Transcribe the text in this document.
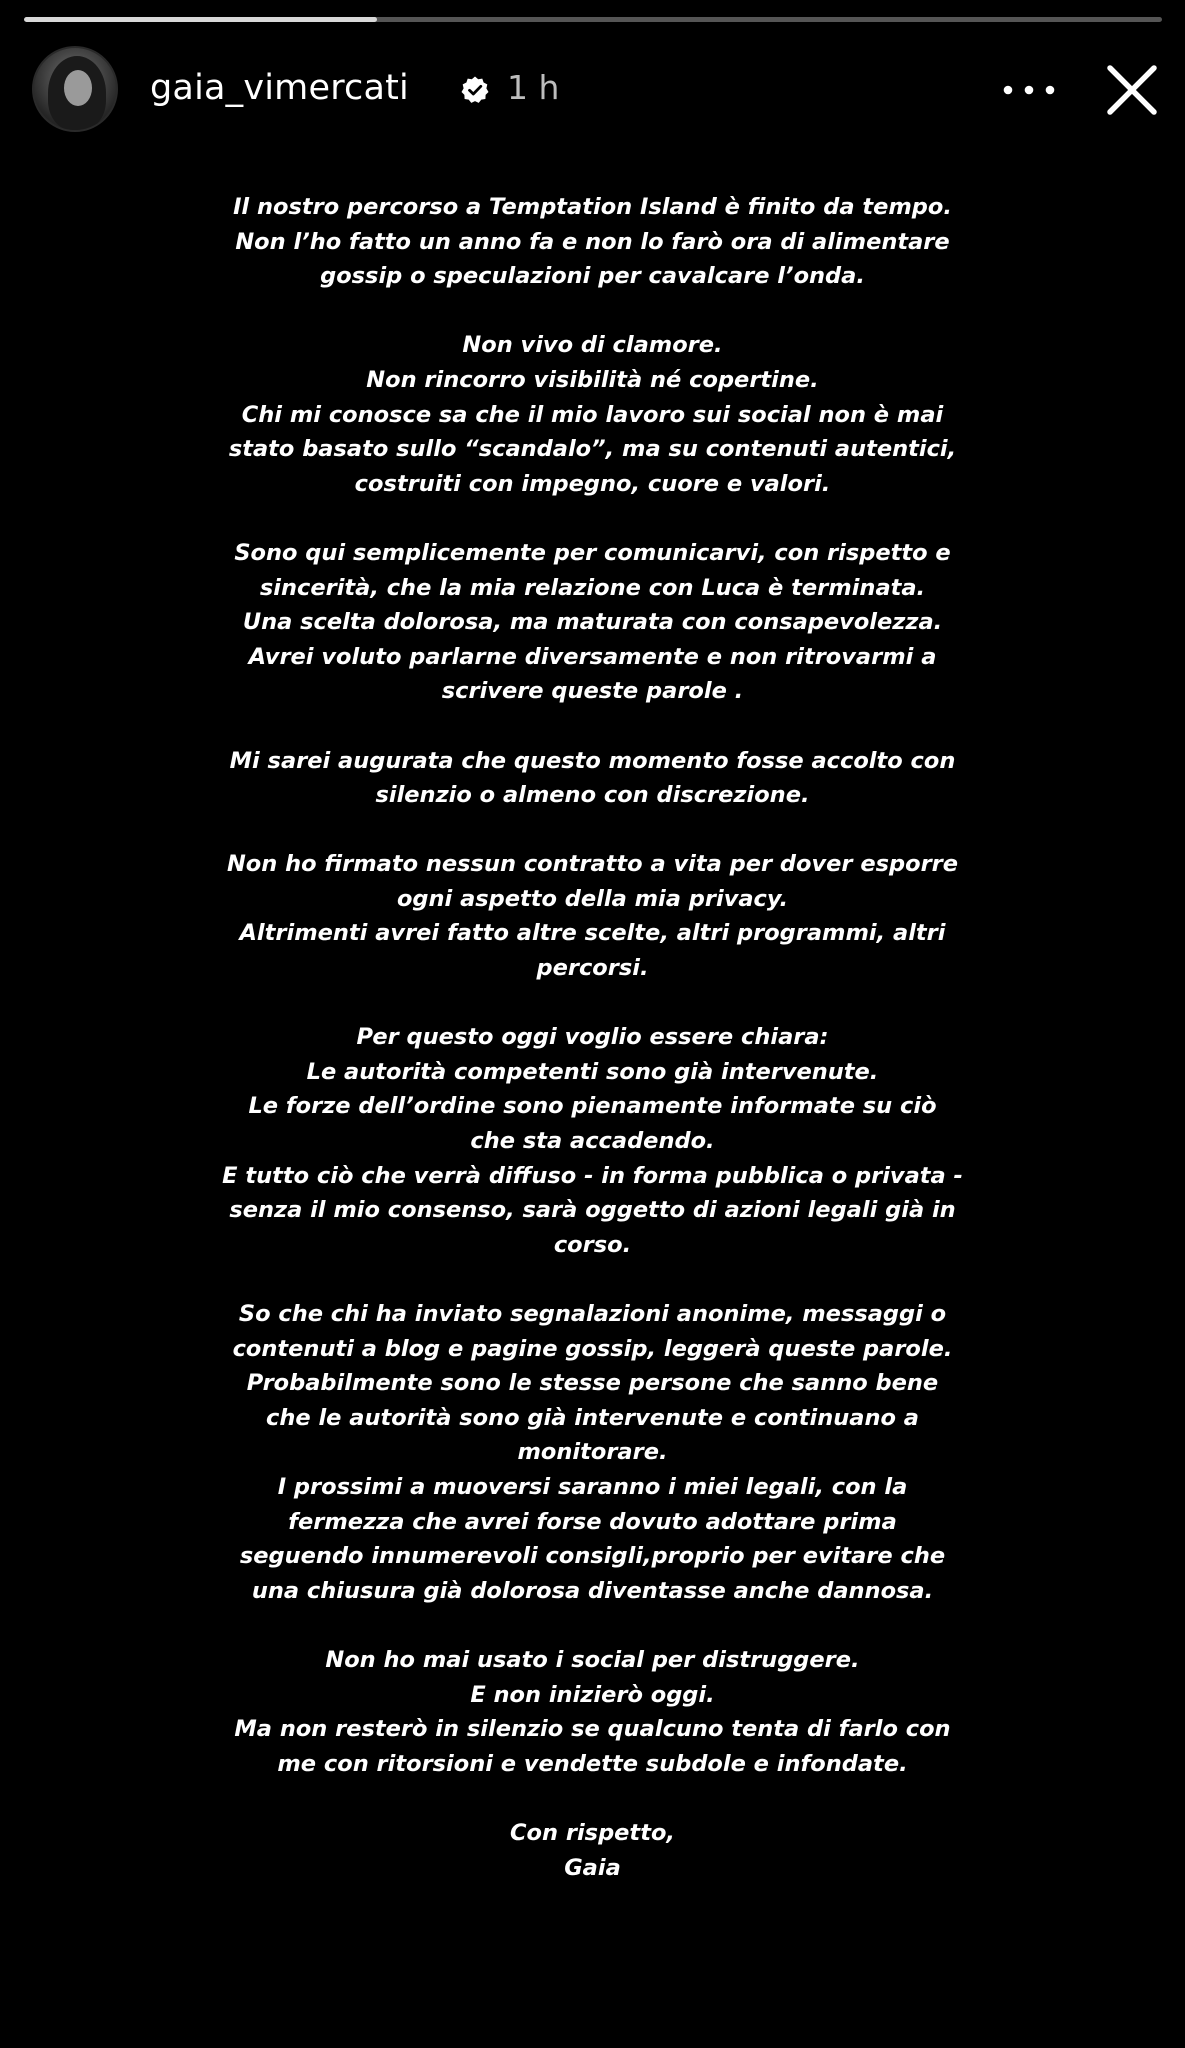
gaia_vimercati	1 h
Il nostro percorso a Temptation Island è finito da tempo.
Non l’ho fatto un anno fa e non lo farò ora di alimentare
gossip o speculazioni per cavalcare l’onda.
Non vivo di clamore.
Non rincorro visibilità né copertine.
Chi mi conosce sa che il mio lavoro sui social non è mai
stato basato sullo “scandalo”, ma su contenuti autentici,
costruiti con impegno, cuore e valori.
Sono qui semplicemente per comunicarvi, con rispetto e
sincerità, che la mia relazione con Luca è terminata.
Una scelta dolorosa, ma maturata con consapevolezza.
Avrei voluto parlarne diversamente e non ritrovarmi a
scrivere queste parole .
Mi sarei augurata che questo momento fosse accolto con
silenzio o almeno con discrezione.
Non ho firmato nessun contratto a vita per dover esporre
ogni aspetto della mia privacy.
Altrimenti avrei fatto altre scelte, altri programmi, altri
percorsi.
Per questo oggi voglio essere chiara:
Le autorità competenti sono già intervenute.
Le forze dell’ordine sono pienamente informate su ciò
che sta accadendo.
E tutto ciò che verrà diffuso - in forma pubblica o privata -
senza il mio consenso, sarà oggetto di azioni legali già in
corso.
So che chi ha inviato segnalazioni anonime, messaggi o
contenuti a blog e pagine gossip, leggerà queste parole.
Probabilmente sono le stesse persone che sanno bene
che le autorità sono già intervenute e continuano a
monitorare.
I prossimi a muoversi saranno i miei legali, con la
fermezza che avrei forse dovuto adottare prima
seguendo innumerevoli consigli,proprio per evitare che
una chiusura già dolorosa diventasse anche dannosa.
Non ho mai usato i social per distruggere.
E non inizierò oggi.
Ma non resterò in silenzio se qualcuno tenta di farlo con
me con ritorsioni e vendette subdole e infondate.
Con rispetto,
Gaia
